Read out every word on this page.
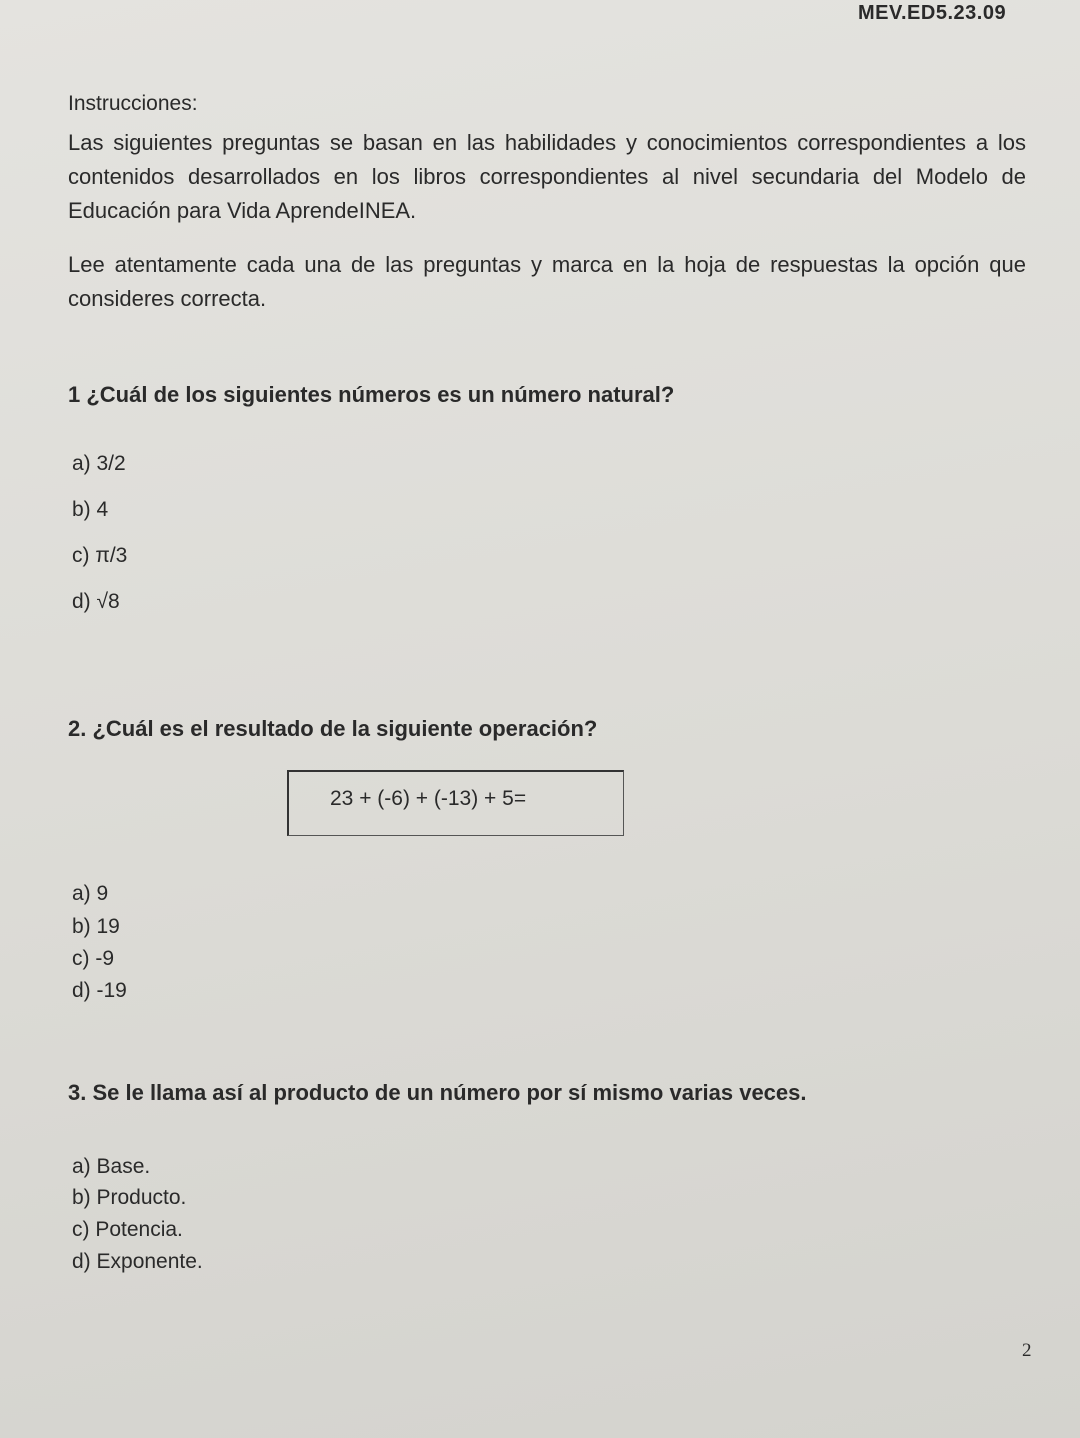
MEV.ED5.23.09
Instrucciones:
Las siguientes preguntas se basan en las habilidades y conocimientos correspondientes a los contenidos desarrollados en los libros correspondientes al nivel secundaria del Modelo de Educación para Vida AprendeINEA.
Lee atentamente cada una de las preguntas y marca en la hoja de respuestas la opción que consideres correcta.
1 ¿Cuál de los siguientes números es un número natural?
a) 3/2
b) 4
c) π/3
d) √8
2. ¿Cuál es el resultado de la siguiente operación?
23 + (-6) + (-13) + 5=
a) 9
b) 19
c) -9
d) -19
3. Se le llama así al producto de un número por sí mismo varias veces.
a) Base.
b) Producto.
c) Potencia.
d) Exponente.
2
